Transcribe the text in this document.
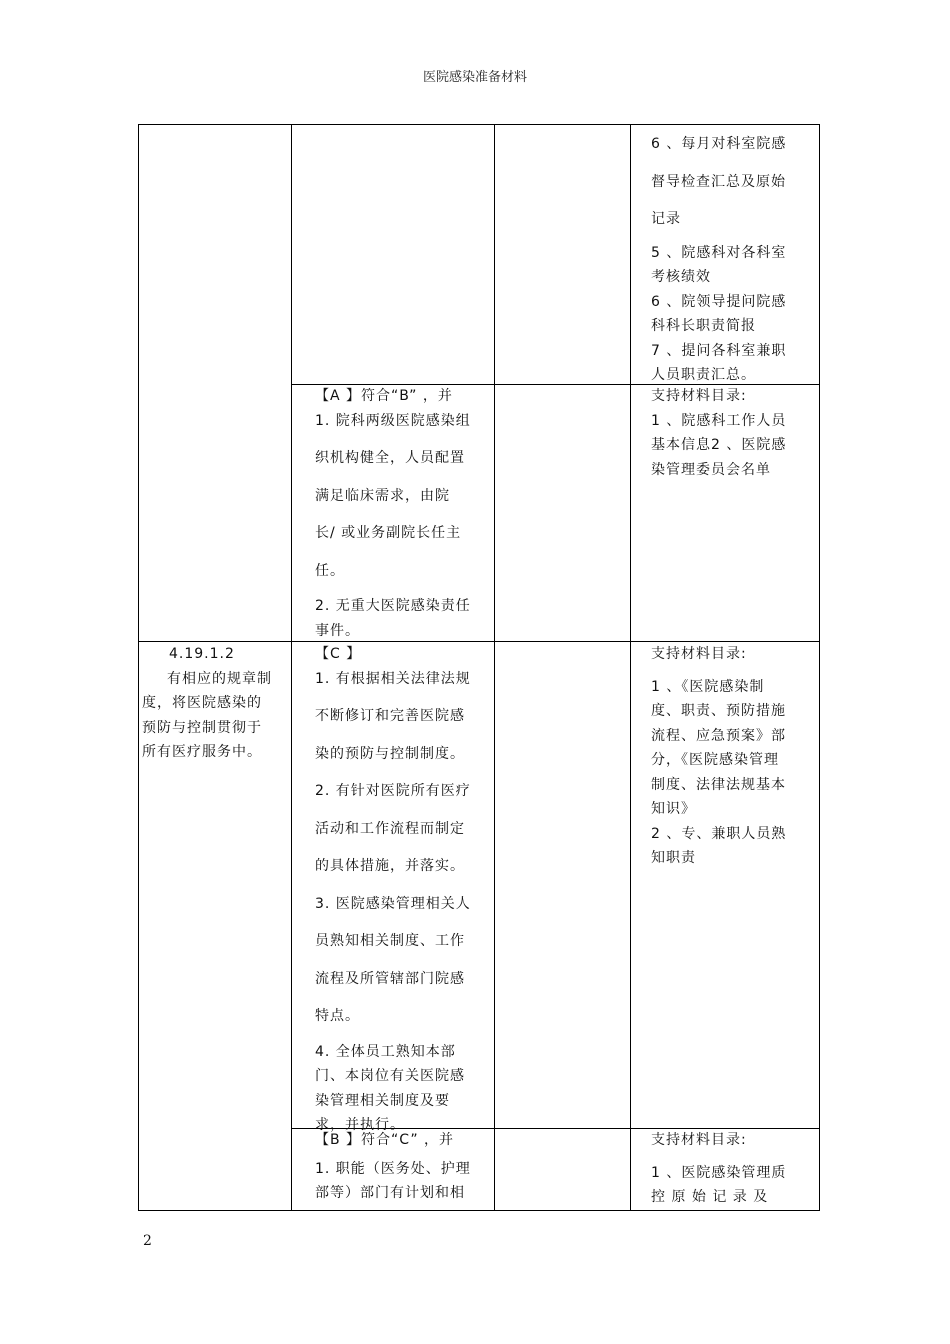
医院感染准备材料

6 、每月对科室院感

督导检查汇总及原始

记录

5 、院感科对各科室

考核绩效

6 、院领导提问院感

科科长职责简报

7 、提问各科室兼职

人员职责汇总。

【A 】符合“B” ，并

1. 院科两级医院感染组

织机构健全，人员配置

满足临床需求，由院

长/ 或业务副院长任主

任。

2. 无重大医院感染责任

事件。

支持材料目录:

1 、院感科工作人员

基本信息2 、医院感

染管理委员会名单

4.19.1.2

有相应的规章制

度，将医院感染的

预防与控制贯彻于

所有医疗服务中。

【C 】

1. 有根据相关法律法规

不断修订和完善医院感

染的预防与控制制度。

2. 有针对医院所有医疗

活动和工作流程而制定

的具体措施，并落实。

3. 医院感染管理相关人

员熟知相关制度、工作

流程及所管辖部门院感

特点。

4. 全体员工熟知本部

门、本岗位有关医院感

染管理相关制度及要

求，并执行。

支持材料目录:

1 、《医院感染制

度、职责、预防措施

流程、应急预案》部

分，《医院感染管理

制度、法律法规基本

知识》

2 、专、兼职人员熟

知职责

【B 】符合“C” ，并

1. 职能（医务处、护理

部等）部门有计划和相

支持材料目录:

1 、医院感染管理质

控 原 始 记 录 及

2
